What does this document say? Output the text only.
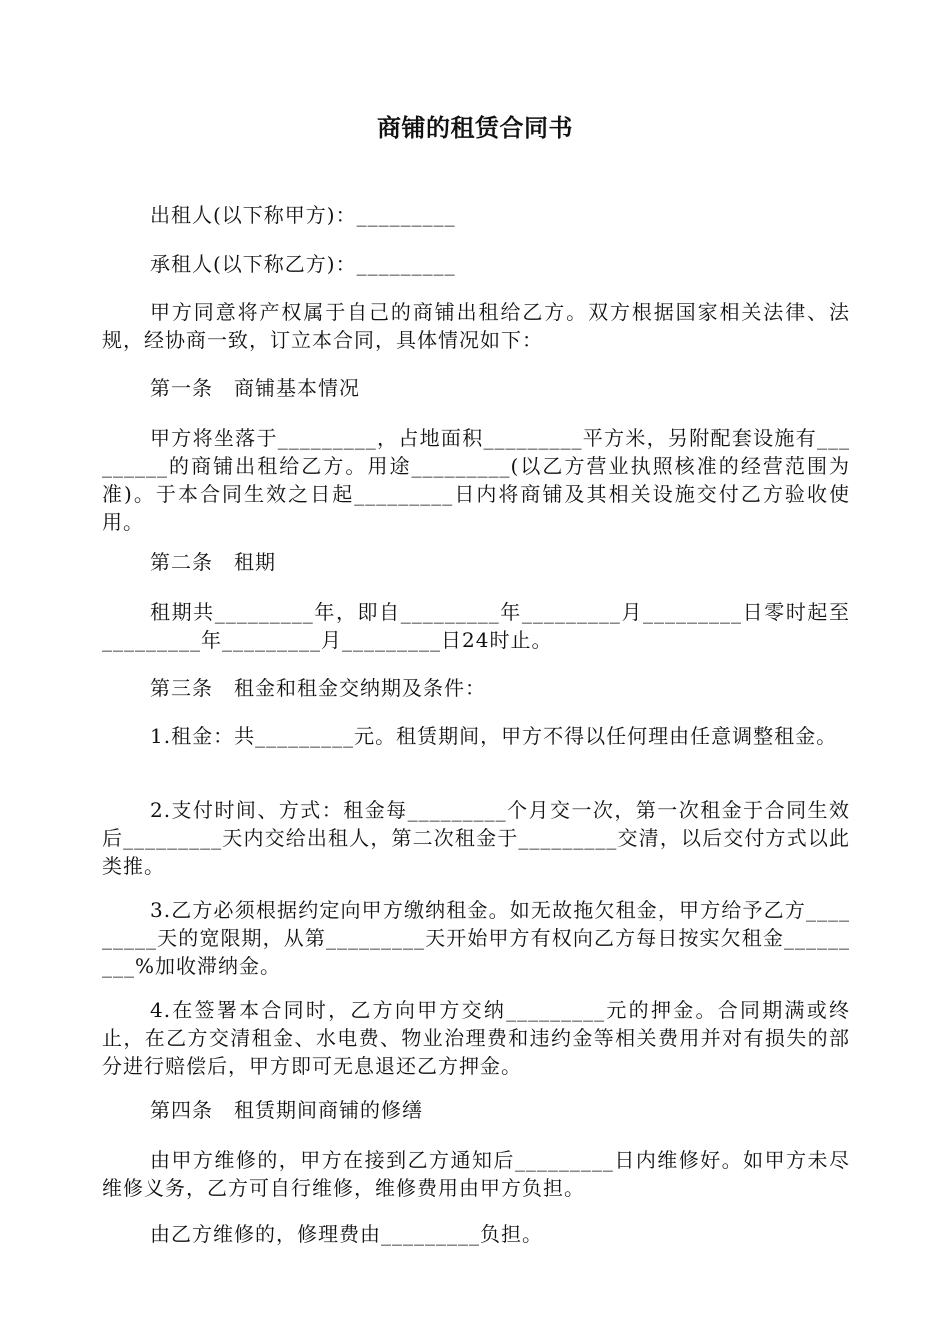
商铺的租赁合同书
出租人(以下称甲方)：_________
承租人(以下称乙方)：_________
甲方同意将产权属于自己的商铺出租给乙方。双方根据国家相关法律、法规，经协商一致，订立本合同，具体情况如下：
第一条　商铺基本情况
甲方将坐落于_________，占地面积_________平方米，另附配套设施有_________的商铺出租给乙方。用途_________(以乙方营业执照核准的经营范围为准)。于本合同生效之日起_________日内将商铺及其相关设施交付乙方验收使用。
第二条　租期
租期共_________年，即自_________年_________月_________日零时起至_________年_________月_________日24时止。
第三条　租金和租金交纳期及条件：
1.租金：共_________元。租赁期间，甲方不得以任何理由任意调整租金。
2.支付时间、方式：租金每_________个月交一次，第一次租金于合同生效后_________天内交给出租人，第二次租金于_________交清，以后交付方式以此类推。
3.乙方必须根据约定向甲方缴纳租金。如无故拖欠租金，甲方给予乙方_________天的宽限期，从第_________天开始甲方有权向乙方每日按实欠租金_________%加收滞纳金。
4.在签署本合同时，乙方向甲方交纳_________元的押金。合同期满或终止，在乙方交清租金、水电费、物业治理费和违约金等相关费用并对有损失的部分进行赔偿后，甲方即可无息退还乙方押金。
第四条　租赁期间商铺的修缮
由甲方维修的，甲方在接到乙方通知后_________日内维修好。如甲方未尽维修义务，乙方可自行维修，维修费用由甲方负担。
由乙方维修的，修理费由_________负担。
